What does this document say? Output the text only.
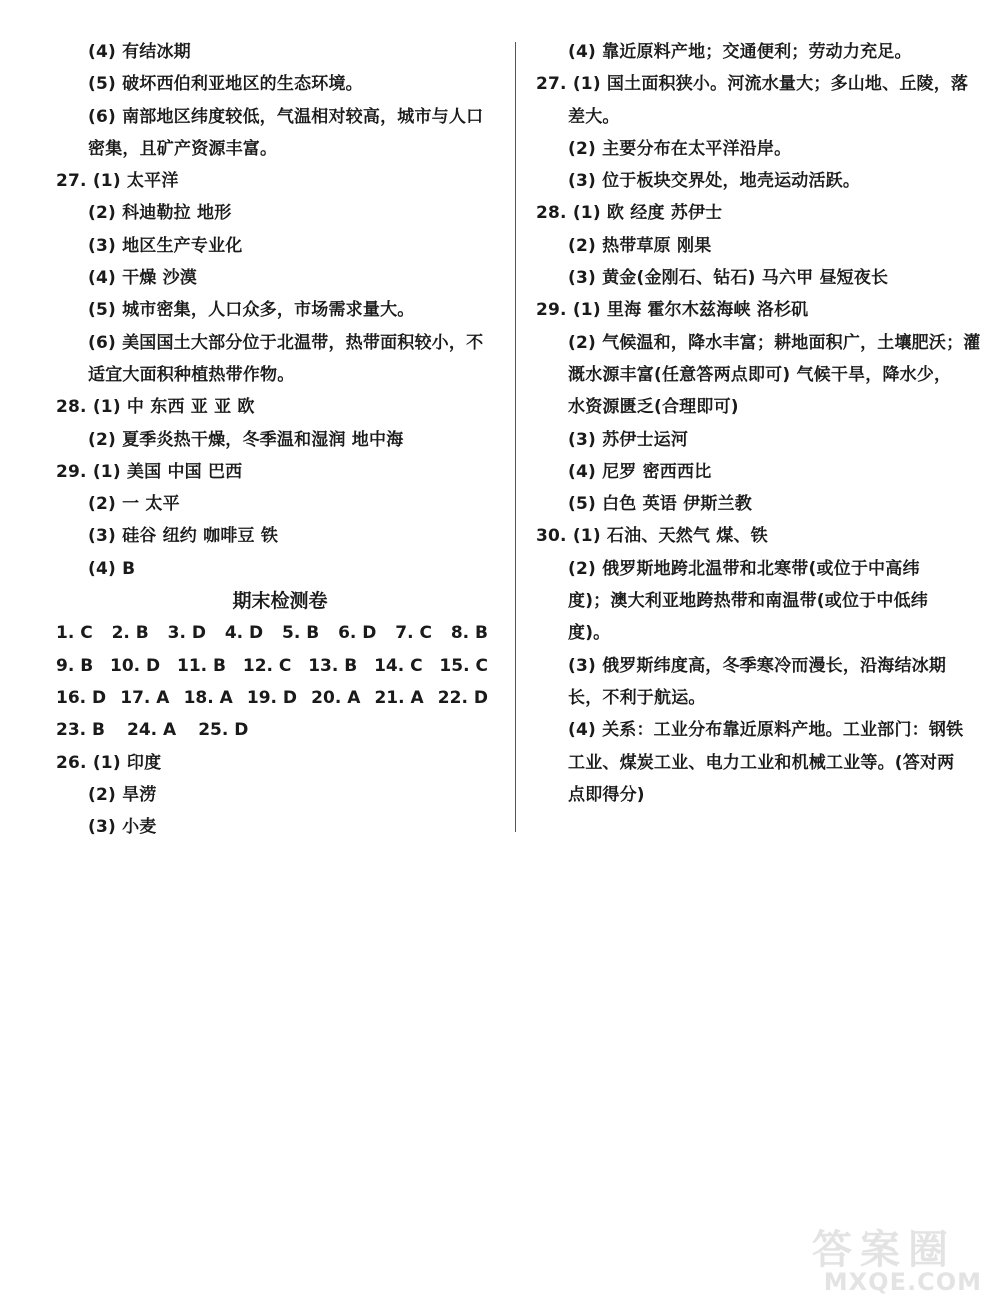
(4) 有结冰期
(5) 破坏西伯利亚地区的生态环境。
(6) 南部地区纬度较低，气温相对较高，城市与人口
密集，且矿产资源丰富。
27. (1) 太平洋
(2) 科迪勒拉 地形
(3) 地区生产专业化
(4) 干燥 沙漠
(5) 城市密集，人口众多，市场需求量大。
(6) 美国国土大部分位于北温带，热带面积较小，不
适宜大面积种植热带作物。
28. (1) 中 东西 亚 亚 欧
(2) 夏季炎热干燥，冬季温和湿润 地中海
29. (1) 美国 中国 巴西
(2) 一 太平
(3) 硅谷 纽约 咖啡豆 铁
(4) B
期末检测卷
1. C 2. B 3. D 4. D 5. B 6. D 7. C 8. B
9. B 10. D 11. B 12. C 13. B 14. C 15. C
16. D 17. A 18. A 19. D 20. A 21. A 22. D
23. B 24. A 25. D
26. (1) 印度
(2) 旱涝
(3) 小麦
(4) 靠近原料产地；交通便利；劳动力充足。
27. (1) 国土面积狭小。河流水量大；多山地、丘陵，落
差大。
(2) 主要分布在太平洋沿岸。
(3) 位于板块交界处，地壳运动活跃。
28. (1) 欧 经度 苏伊士
(2) 热带草原 刚果
(3) 黄金(金刚石、钻石) 马六甲 昼短夜长
29. (1) 里海 霍尔木兹海峡 洛杉矶
(2) 气候温和，降水丰富；耕地面积广，土壤肥沃；灌
溉水源丰富(任意答两点即可) 气候干旱，降水少，
水资源匮乏(合理即可)
(3) 苏伊士运河
(4) 尼罗 密西西比
(5) 白色 英语 伊斯兰教
30. (1) 石油、天然气 煤、铁
(2) 俄罗斯地跨北温带和北寒带(或位于中高纬
度)；澳大利亚地跨热带和南温带(或位于中低纬
度)。
(3) 俄罗斯纬度高，冬季寒冷而漫长，沿海结冰期
长，不利于航运。
(4) 关系：工业分布靠近原料产地。工业部门：钢铁
工业、煤炭工业、电力工业和机械工业等。(答对两
点即得分)
答 案 圈
MXQE.COM
